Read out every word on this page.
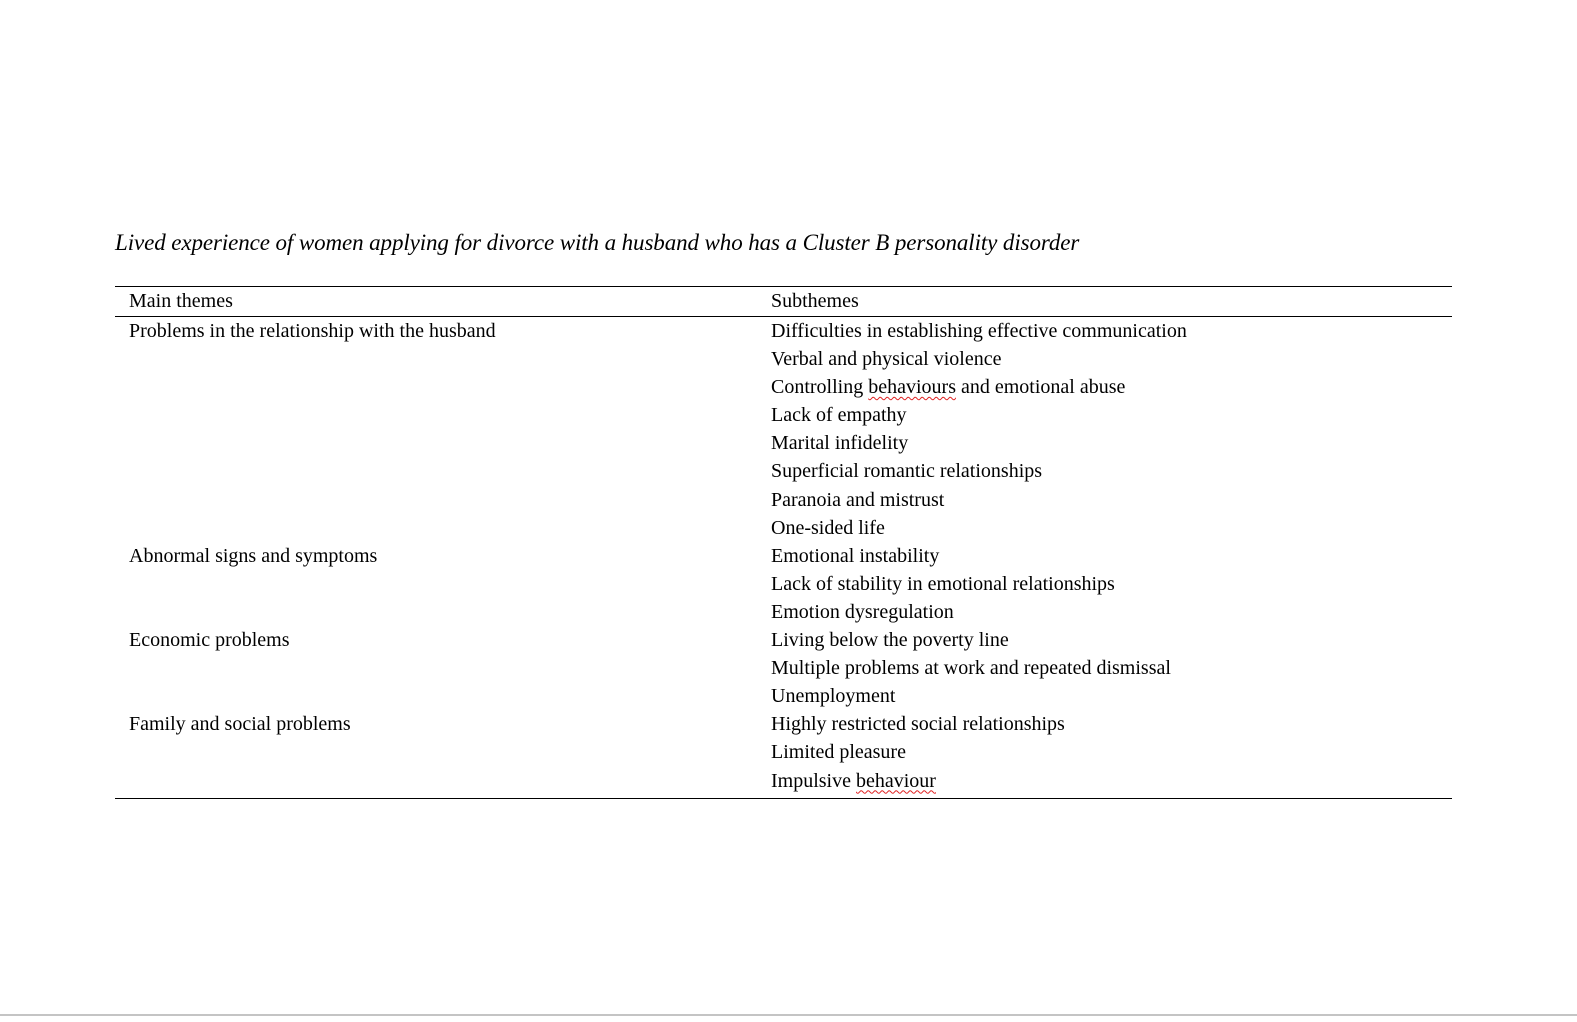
Lived experience of women applying for divorce with a husband who has a Cluster B personality disorder
Main themes	Subthemes
Problems in the relationship with the husband	Difficulties in establishing effective communication
Verbal and physical violence
Controlling behaviours and emotional abuse
Lack of empathy
Marital infidelity
Superficial romantic relationships
Paranoia and mistrust
One-sided life

Abnormal signs and symptoms	Emotional instability
Lack of stability in emotional relationships
Emotion dysregulation

Economic problems	Living below the poverty line
Multiple problems at work and repeated dismissal
Unemployment

Family and social problems	Highly restricted social relationships
Limited pleasure
Impulsive behaviour
